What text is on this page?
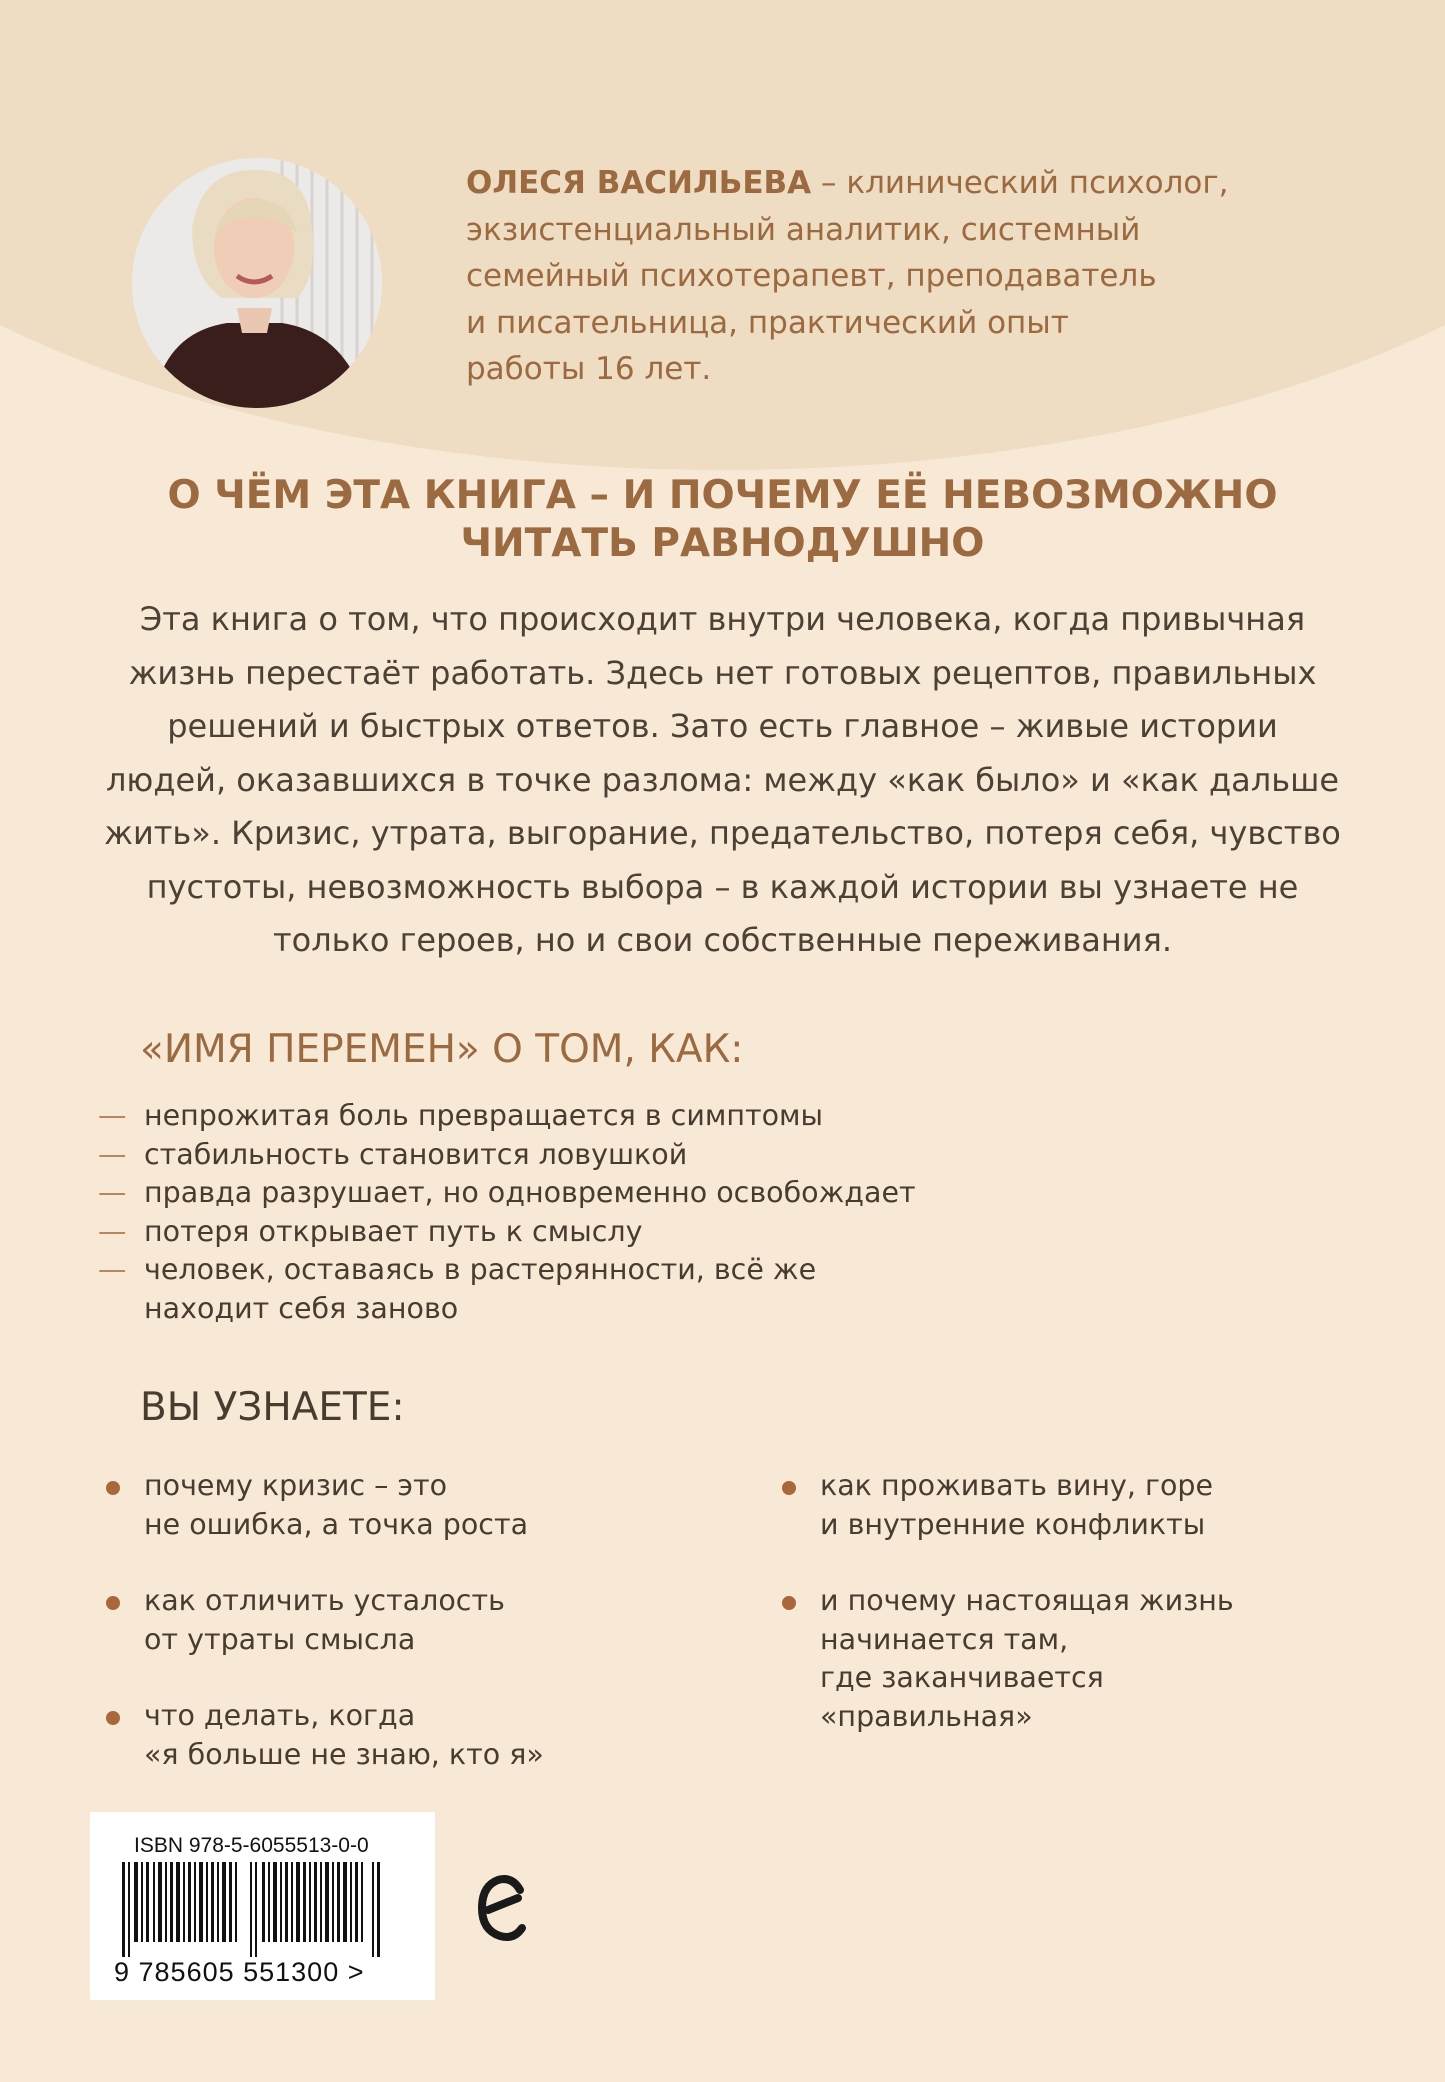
ОЛЕСЯ ВАСИЛЬЕВА – клинический психолог,
экзистенциальный аналитик, системный
семейный психотерапевт, преподаватель
и писательница, практический опыт
работы 16 лет.
О ЧЁМ ЭТА КНИГА – И ПОЧЕМУ ЕЁ НЕВОЗМОЖНО
ЧИТАТЬ РАВНОДУШНО
Эта книга о том, что происходит внутри человека, когда привычная
жизнь перестаёт работать. Здесь нет готовых рецептов, правильных
решений и быстрых ответов. Зато есть главное – живые истории
людей, оказавшихся в точке разлома: между «как было» и «как дальше
жить». Кризис, утрата, выгорание, предательство, потеря себя, чувство
пустоты, невозможность выбора – в каждой истории вы узнаете не
только героев, но и свои собственные переживания.
«ИМЯ ПЕРЕМЕН» О ТОМ, КАК:
— непрожитая боль превращается в симптомы
— стабильность становится ловушкой
— правда разрушает, но одновременно освобождает
— потеря открывает путь к смыслу
— человек, оставаясь в растерянности, всё же
находит себя заново
ВЫ УЗНАЕТЕ:
почему кризис – это
не ошибка, а точка роста
как отличить усталость
от утраты смысла
что делать, когда
«я больше не знаю, кто я»
как проживать вину, горе
и внутренние конфликты
и почему настоящая жизнь
начинается там,
где заканчивается
«правильная»
ISBN 978-5-6055513-0-0
9 785605 551300 >
